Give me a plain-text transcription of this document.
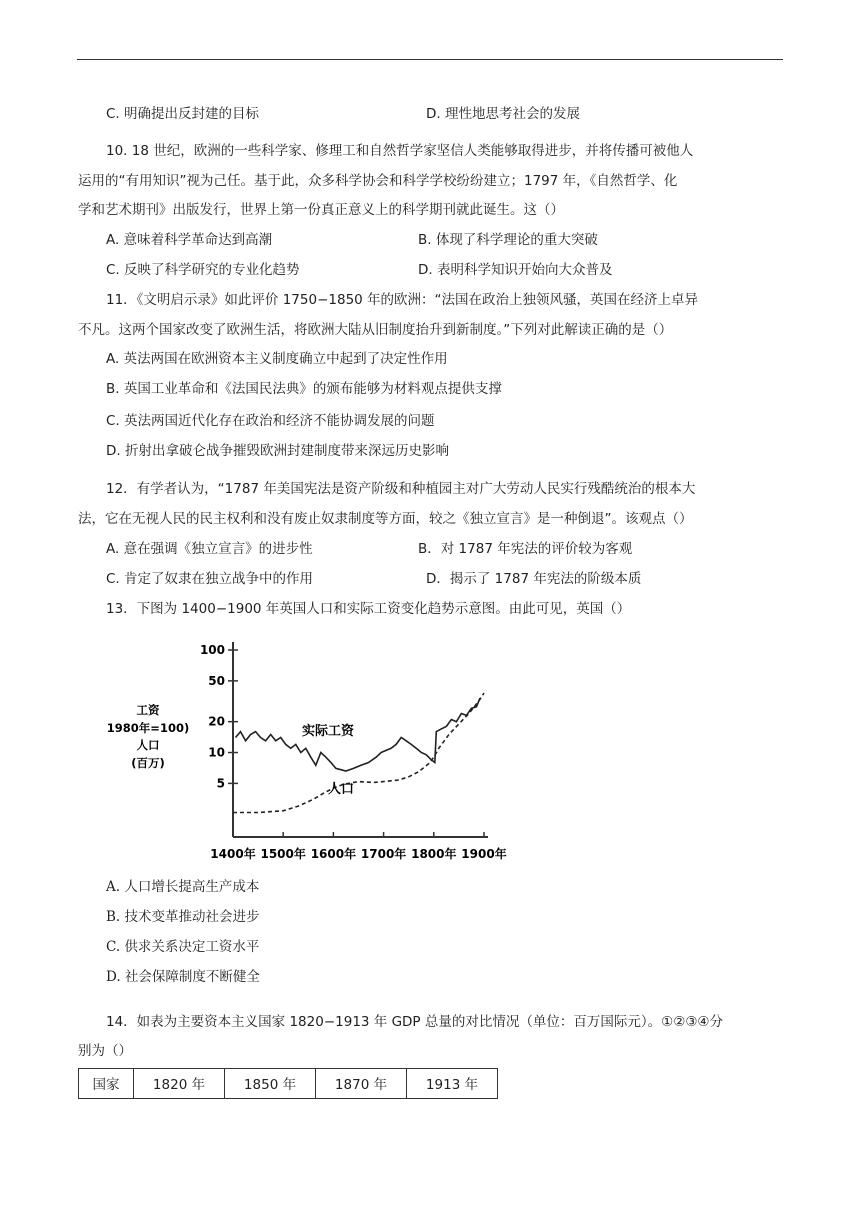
C. 明确提出反封建的目标	D. 理性地思考社会的发展
10. 18 世纪，欧洲的一些科学家、修理工和自然哲学家坚信人类能够取得进步，并将传播可被他人
运用的“有用知识”视为己任。基于此，众多科学协会和科学学校纷纷建立；1797 年，《自然哲学、化
学和艺术期刊》出版发行，世界上第一份真正意义上的科学期刊就此诞生。这（）
A. 意味着科学革命达到高潮	B. 体现了科学理论的重大突破
C. 反映了科学研究的专业化趋势	D. 表明科学知识开始向大众普及
11．《文明启示录》如此评价 1750−1850 年的欧洲：“法国在政治上独领风骚，英国在经济上卓异
不凡。这两个国家改变了欧洲生活，将欧洲大陆从旧制度抬升到新制度。”下列对此解读正确的是（）
A. 英法两国在欧洲资本主义制度确立中起到了决定性作用
B. 英国工业革命和《法国民法典》的颁布能够为材料观点提供支撑
C. 英法两国近代化存在政治和经济不能协调发展的问题
D. 折射出拿破仑战争摧毁欧洲封建制度带来深远历史影响
12．有学者认为，“1787 年美国宪法是资产阶级和种植园主对广大劳动人民实行残酷统治的根本大
法，它在无视人民的民主权利和没有废止奴隶制度等方面，较之《独立宣言》是一种倒退”。该观点（）
A. 意在强调《独立宣言》的进步性	B．对 1787 年宪法的评价较为客观
C. 肯定了奴隶在独立战争中的作用	D．揭示了 1787 年宪法的阶级本质
13．下图为 1400−1900 年英国人口和实际工资变化趋势示意图。由此可见，英国（）
工资
1980年=100)
人口
(百万)
100
50
20
10
5
1400年 1500年 1600年 1700年 1800年 1900年
实际工资
人口
A. 人口增长提高生产成本
B. 技术变革推动社会进步
C. 供求关系决定工资水平
D. 社会保障制度不断健全
14．如表为主要资本主义国家 1820−1913 年 GDP 总量的对比情况（单位：百万国际元）。①②③④分
别为（）
国家	1820 年	1850 年	1870 年	1913 年
